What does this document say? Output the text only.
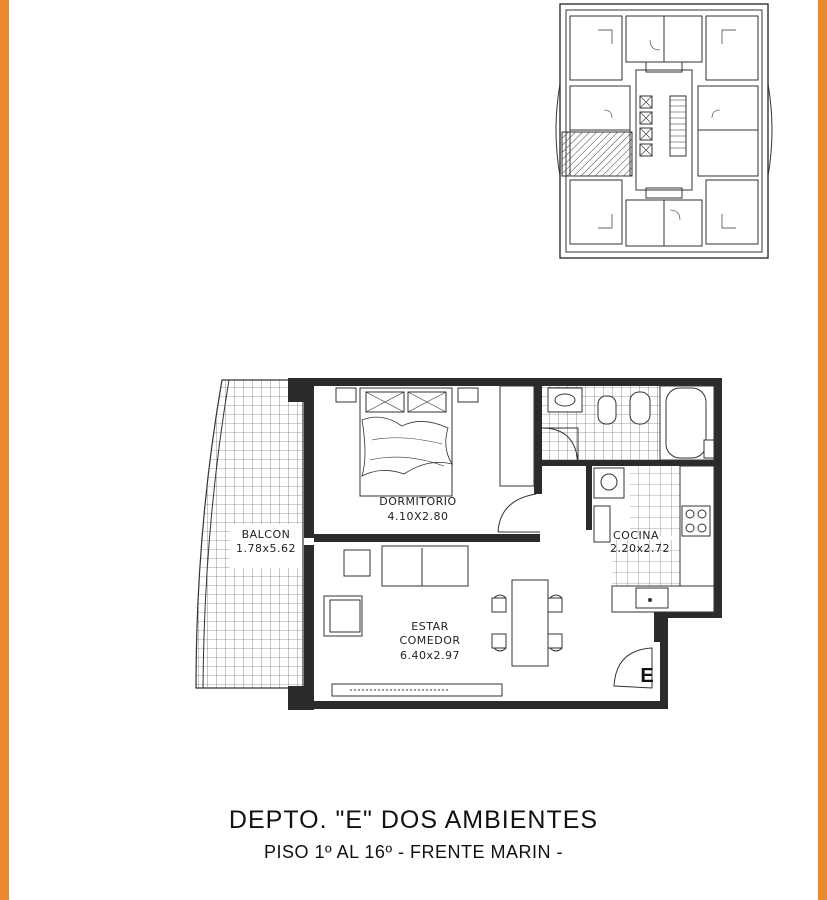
E
BALCON
1.78x5.62
DORMITORIO
4.10X2.80
COCINA
2.20x2.72
ESTAR
COMEDOR
6.40x2.97
DEPTO. "E" DOS AMBIENTES
PISO 1º AL 16º - FRENTE MARIN -
